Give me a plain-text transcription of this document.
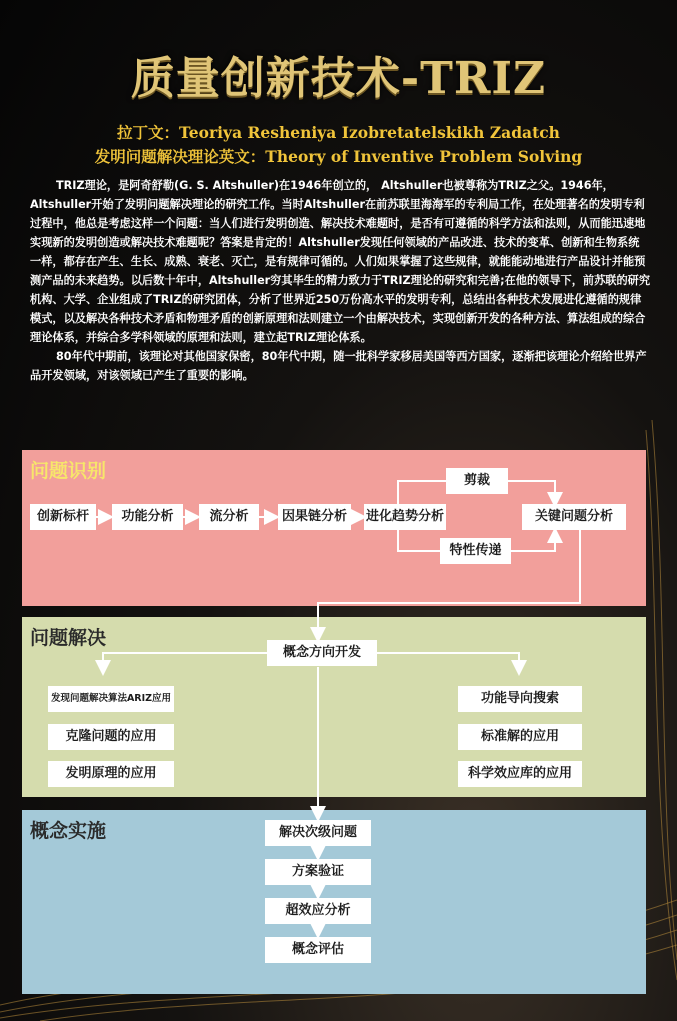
质量创新技术-TRIZ
拉丁文：Teoriya Resheniya Izobretatelskikh Zadatch
发明问题解决理论英文：Theory of Inventive Problem Solving

TRIZ理论，是阿奇舒勒(G. S. Altshuller)在1946年创立的， Altshuller也被尊称为TRIZ之父。1946年，Altshuller开始了发明问题解决理论的研究工作。当时Altshuller在前苏联里海海军的专利局工作，在处理著名的发明专利过程中，他总是考虑这样一个问题：当人们进行发明创造、解决技术难题时，是否有可遵循的科学方法和法则，从而能迅速地实现新的发明创造或解决技术难题呢？答案是肯定的！Altshuller发现任何领域的产品改进、技术的变革、创新和生物系统一样，都存在产生、生长、成熟、衰老、灭亡，是有规律可循的。人们如果掌握了这些规律，就能能动地进行产品设计并能预测产品的未来趋势。以后数十年中，Altshuller穷其毕生的精力致力于TRIZ理论的研究和完善;在他的领导下，前苏联的研究机构、大学、企业组成了TRIZ的研究团体，分析了世界近250万份高水平的发明专利，总结出各种技术发展进化遵循的规律模式，以及解决各种技术矛盾和物理矛盾的创新原理和法则建立一个由解决技术，实现创新开发的各种方法、算法组成的综合理论体系，并综合多学科领域的原理和法则，建立起TRIZ理论体系。

80年代中期前，该理论对其他国家保密，80年代中期，随一批科学家移居美国等西方国家，逐渐把该理论介绍给世界产品开发领域，对该领域已产生了重要的影响。

问题识别
问题解决
概念实施
创新标杆	功能分析	流分析	因果链分析	进化趋势分析
剪裁
特性传递
关键问题分析
概念方向开发
发现问题解决算法ARIZ应用
克隆问题的应用
发明原理的应用
功能导向搜索
标准解的应用
科学效应库的应用
解决次级问题
方案验证
超效应分析
概念评估
